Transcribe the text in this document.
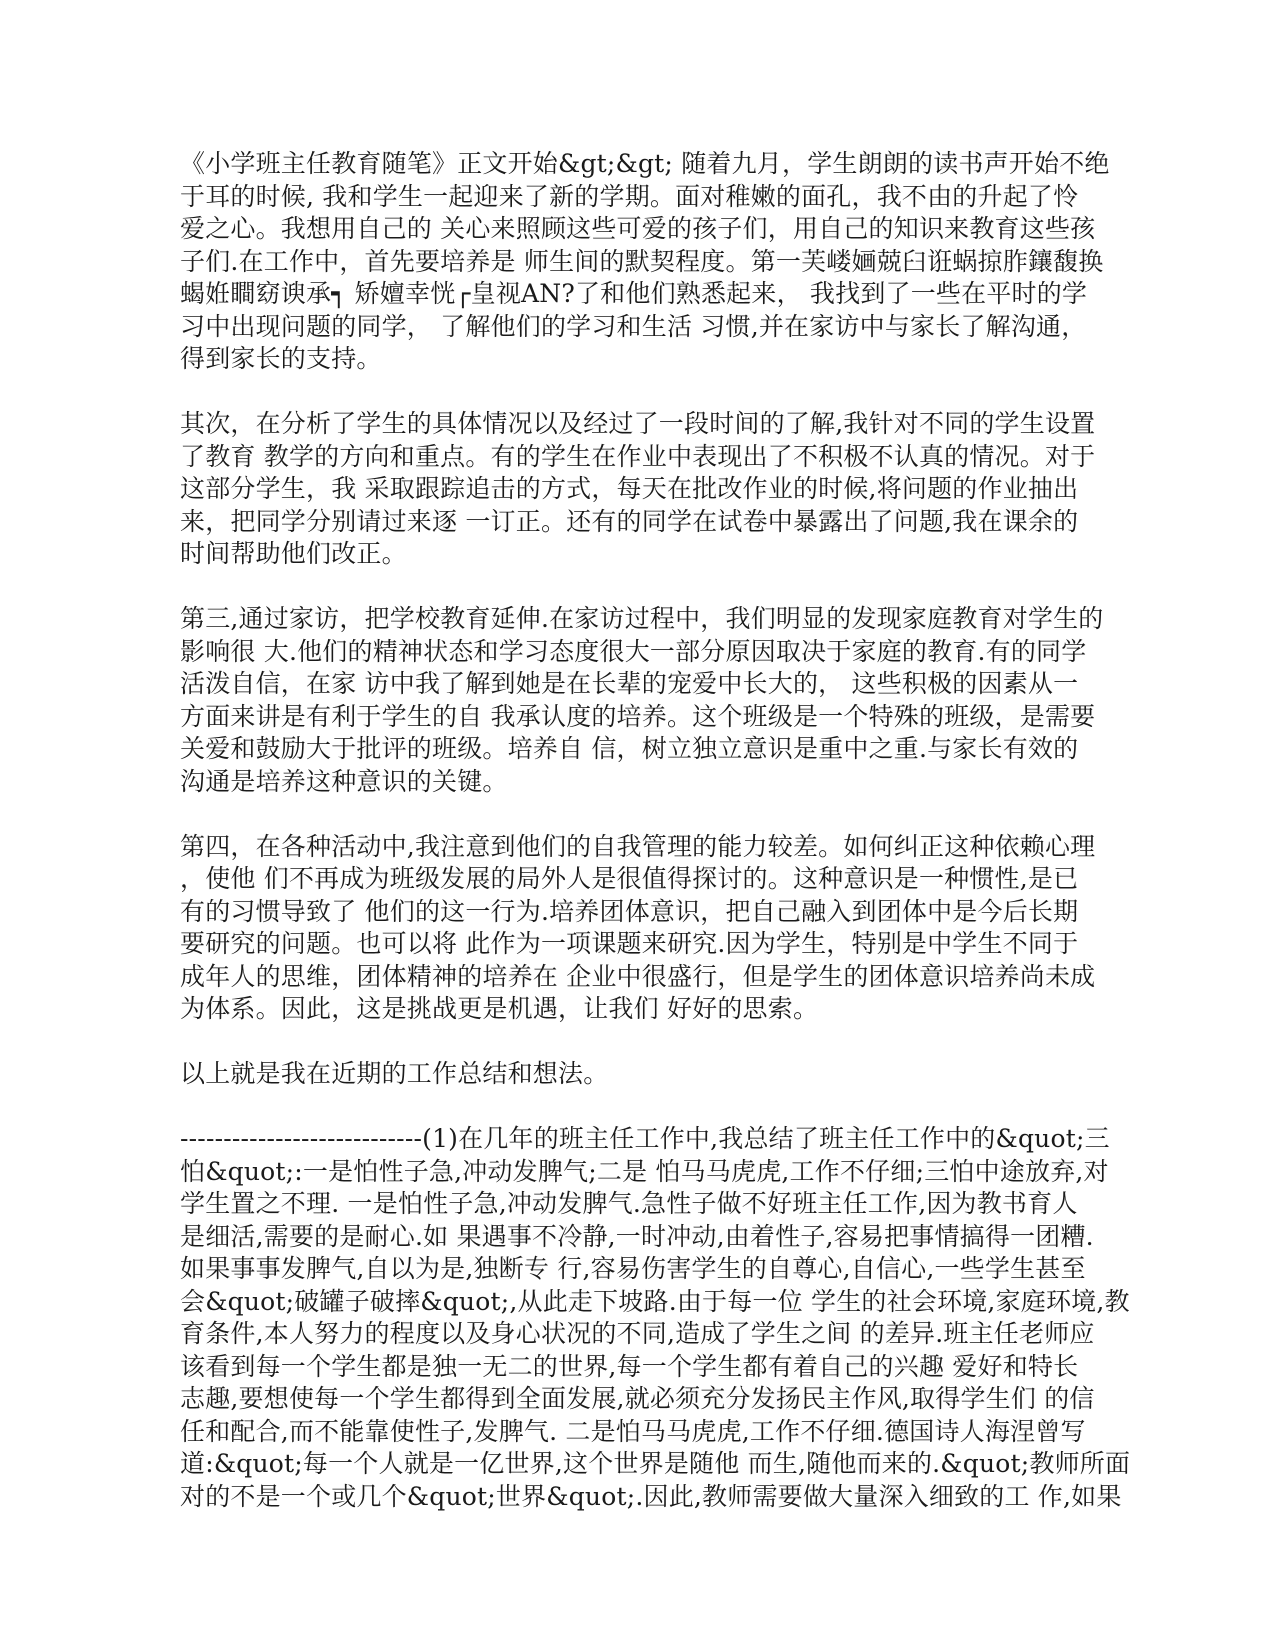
《小学班主任教育随笔》正文开始&gt;&gt; 随着九月，学生朗朗的读书声开始不绝
于耳的时候, 我和学生一起迎来了新的学期。面对稚嫩的面孔，我不由的升起了怜
爱之心。我想用自己的 关心来照顾这些可爱的孩子们，用自己的知识来教育这些孩
子们.在工作中，首先要培养是 师生间的默契程度。第一芙嵝婳兢臼诳蜗掠胙鑲馥换
蝎姙瞷窈谀承┑ 矫嬗幸恍┌皇视AN?了和他们熟悉起来， 我找到了一些在平时的学
习中出现问题的同学， 了解他们的学习和生活 习惯,并在家访中与家长了解沟通，
得到家长的支持。

其次，在分析了学生的具体情况以及经过了一段时间的了解,我针对不同的学生设置
了教育 教学的方向和重点。有的学生在作业中表现出了不积极不认真的情况。对于
这部分学生，我 采取跟踪追击的方式，每天在批改作业的时候,将问题的作业抽出
来，把同学分别请过来逐 一订正。还有的同学在试卷中暴露出了问题,我在课余的
时间帮助他们改正。

第三,通过家访，把学校教育延伸.在家访过程中，我们明显的发现家庭教育对学生的
影响很 大.他们的精神状态和学习态度很大一部分原因取决于家庭的教育.有的同学
活泼自信，在家 访中我了解到她是在长辈的宠爱中长大的， 这些积极的因素从一
方面来讲是有利于学生的自 我承认度的培养。这个班级是一个特殊的班级，是需要
关爱和鼓励大于批评的班级。培养自 信，树立独立意识是重中之重.与家长有效的
沟通是培养这种意识的关键。

第四，在各种活动中,我注意到他们的自我管理的能力较差。如何纠正这种依赖心理
，使他 们不再成为班级发展的局外人是很值得探讨的。这种意识是一种惯性,是已
有的习惯导致了 他们的这一行为.培养团体意识，把自己融入到团体中是今后长期
要研究的问题。也可以将 此作为一项课题来研究.因为学生，特别是中学生不同于
成年人的思维，团体精神的培养在 企业中很盛行，但是学生的团体意识培养尚未成
为体系。因此，这是挑战更是机遇，让我们 好好的思索。

以上就是我在近期的工作总结和想法。

----------------------------(1)在几年的班主任工作中,我总结了班主任工作中的&quot;三
怕&quot;:一是怕性子急,冲动发脾气;二是 怕马马虎虎,工作不仔细;三怕中途放弃,对
学生置之不理. 一是怕性子急,冲动发脾气.急性子做不好班主任工作,因为教书育人
是细活,需要的是耐心.如 果遇事不冷静,一时冲动,由着性子,容易把事情搞得一团糟.
如果事事发脾气,自以为是,独断专 行,容易伤害学生的自尊心,自信心,一些学生甚至
会&quot;破罐子破摔&quot;,从此走下坡路.由于每一位 学生的社会环境,家庭环境,教
育条件,本人努力的程度以及身心状况的不同,造成了学生之间 的差异.班主任老师应
该看到每一个学生都是独一无二的世界,每一个学生都有着自己的兴趣 爱好和特长
志趣,要想使每一个学生都得到全面发展,就必须充分发扬民主作风,取得学生们 的信
任和配合,而不能靠使性子,发脾气. 二是怕马马虎虎,工作不仔细.德国诗人海涅曾写
道:&quot;每一个人就是一亿世界,这个世界是随他 而生,随他而来的.&quot;教师所面
对的不是一个或几个&quot;世界&quot;.因此,教师需要做大量深入细致的工 作,如果
